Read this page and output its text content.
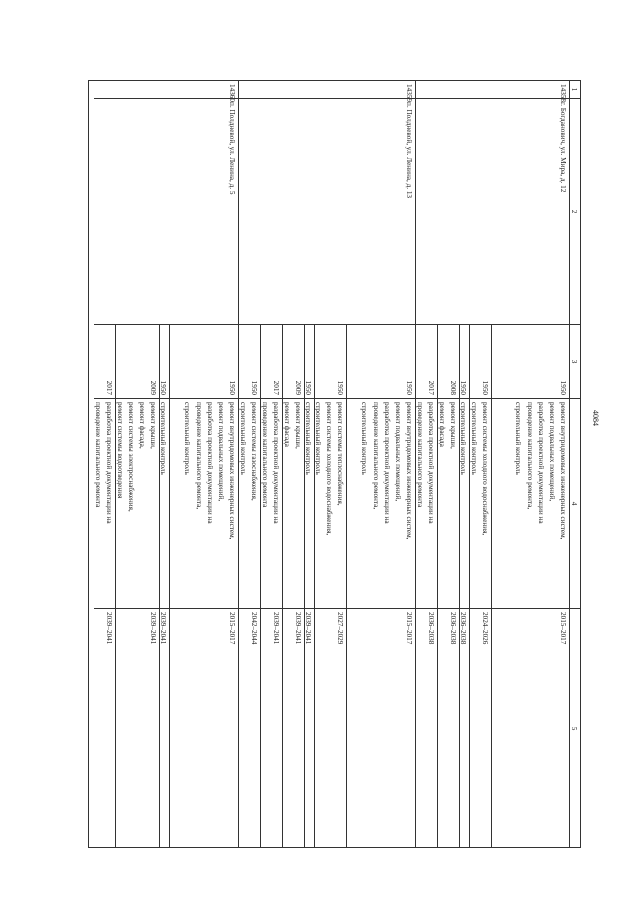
4084
1
2
3
4
5
14358.
г. Богданович, ул. Мира, д. 12
1950
ремонт внутридомовых инженерных систем,
ремонт подвальных помещений,
разработка проектной документации на
проведение капитального ремонта,
строительный контроль
2015–2017
1950
ремонт системы холодного водоснабжения,
строительный контроль
2024–2026
1950
строительный контроль
2036–2038
2008
ремонт крыши,
ремонт фасада
2036–2038
2017
разработка проектной документации на
проведение капитального ремонта
2036–2038
14359.
п. Полдневой, ул. Ленина, д. 13
1950
ремонт внутридомовых инженерных систем,
ремонт подвальных помещений,
разработка проектной документации на
проведение капитального ремонта,
строительный контроль
2015–2017
1950
ремонт системы теплоснабжения,
ремонт системы холодного водоснабжения,
строительный контроль
2027–2029
1950
строительный контроль
2039–2041
2009
ремонт крыши,
ремонт фасада
2039–2041
2017
разработка проектной документации на
проведение капитального ремонта
2039–2041
1950
ремонт системы газоснабжения,
строительный контроль
2042–2044
14360.
п. Полдневой, ул. Ленина, д. 5
1950
ремонт внутридомовых инженерных систем,
ремонт подвальных помещений,
разработка проектной документации на
проведение капитального ремонта,
строительный контроль
2015–2017
1950
строительный контроль
2039–2041
2009
ремонт крыши,
ремонт фасада,
ремонт системы электроснабжения,
ремонт системы водоотведения
2039–2041
2017
разработка проектной документации на
проведение капитального ремонта
2039–2041
